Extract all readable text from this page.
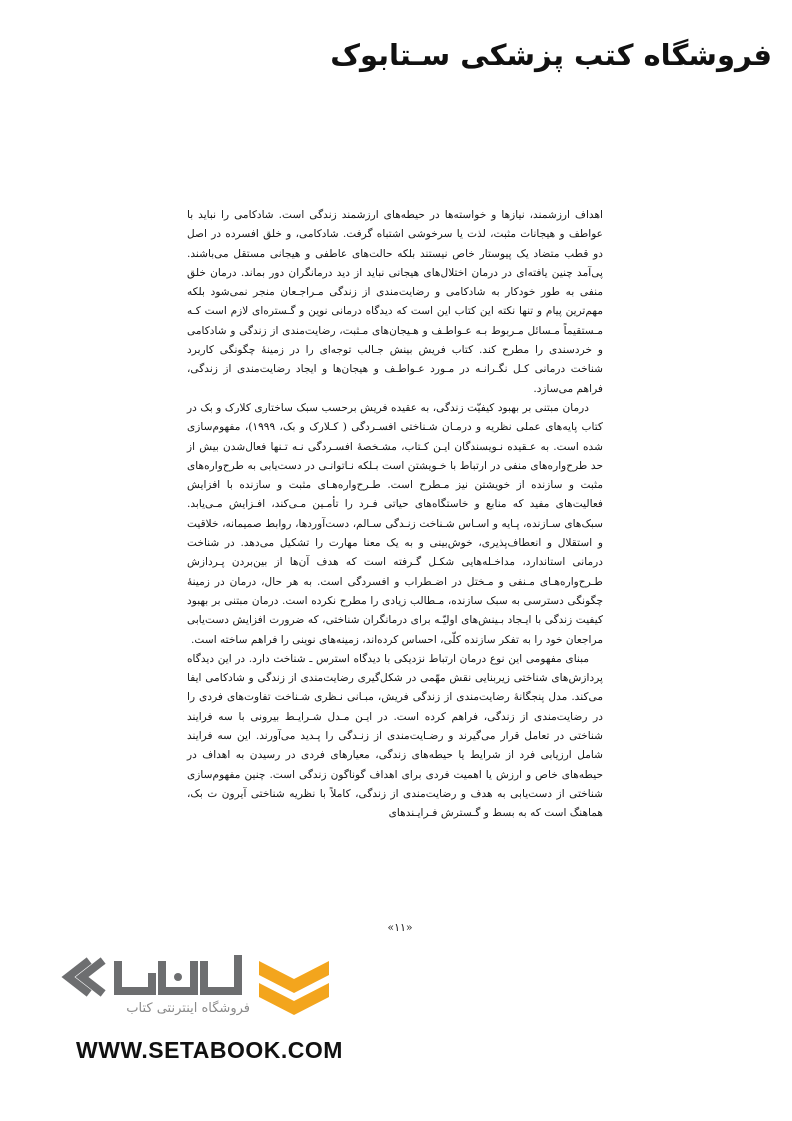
فروشگاه کتب پزشکی سـتابوک

اهداف ارزشمند، نیازها و خواسته‌ها در حیطه‌های ارزشمند زندگی است. شادکامی را نباید با عواطف و هیجانات مثبت، لذت یا سرخوشی اشتباه گرفت. شادکامی، و خلق افسرده در اصل دو قطب متضاد یک پیوستار خاص نیستند بلکه حالت‌های عاطفی و هیجانی مستقل می‌باشند. پی‌آمد چنین یافته‌ای در درمان اختلال‌های هیجانی نباید از دید درمانگران دور بماند. درمان خلق منفی به طور خودکار به شادکامی و رضایت‌مندی از زندگی مـراجـعان منجر نمی‌شود بلکه مهم‌ترین پیام و تنها نکته این کتاب این است که دیدگاه درمانی نوین و گـستره‌ای لازم است کـه مـستقیماً مـسائل مـربوط بـه عـواطـف و هـیجان‌های مـثبت، رضایت‌مندی از زندگی و شادکامی و خردسندی را مطرح کند. کتاب فریش بینش جـالب توجه‌ای را در زمینهٔ چگونگی کاربرد شناخت درمانی کـل نگـرانـه در مـورد عـواطـف و هیجان‌ها و ایجاد رضایت‌مندی از زندگی، فراهم می‌سازد.

درمان مبتنی بر بهبود کیفیّت زندگی، به عقیده فریش برحسب سبک ساختاری کلارک و بک در کتاب پایه‌های عملی نظریه و درمـان شـناختی افسـردگی ( کـلارک و بک، ۱۹۹۹)، مفهوم‌سازی شده است. به عـقیده نـویسندگان ایـن کـتاب، مشـخصهٔ افسـردگی نـه تـنها فعال‌شدن بیش از حد طرح‌واره‌های منفی در ارتباط با خـویشتن است بـلکه نـاتوانـی در دست‌یابی به طرح‌واره‌های مثبت و سازنده از خویشتن نیز مـطرح است. طـرح‌واره‌هـای مثبت و سازنده با افزایش فعالیت‌های مفید که منابع و خاستگاه‌های حیاتی فـرد را تأمـین مـی‌کند، افـزایش مـی‌یابد. سبک‌های سـازنده، پـایه و اسـاس شـناخت زنـدگی سـالم، دست‌آوردها، روابط صمیمانه، خلاقیت و استقلال و انعطاف‌پذیری، خوش‌بینی و به یک معنا مهارت را تشکیل می‌دهد. در شناخت درمانی استاندارد، مداخـله‌هایی شکـل گـرفته است که هدف آن‌ها از بین‌بردن پـردازش طـرح‌واره‌هـای مـنفی و مـختل در اضـطراب و افسردگی است. به هر حال، درمان در زمینهٔ چگونگی دسترسی به سبک سازنده، مـطالب زیادی را مطرح نکرده است. درمان مبتنی بر بهبود کیفیت زندگی با ایـجاد بـینش‌های اولیّـه برای درمانگران شناختی، که ضرورت افزایش دست‌یابی مراجعان خود را به تفکر سازنده کلّی، احساس کرده‌اند، زمینه‌های نوینی را فراهم ساخته است.

مبنای مفهومی این نوع درمان ارتباط نزدیکی با دیدگاه استرس ـ شناخت دارد. در این دیدگاه پردازش‌های شناختی زیربنایی نقش مهّمی در شکل‌گیری رضایت‌مندی از زندگی و شادکامی ایفا می‌کند. مدل پنجگانهٔ رضایت‌مندی از زندگی فریش، مبـانی نـظری شـناخت تفاوت‌های فردی را در رضایت‌مندی از زندگی، فراهم کرده است. در ایـن مـدل شـرایـط بیرونی با سه فرایند شناختی در تعامل قرار می‌گیرند و رضـایت‌مندی از زنـدگی را پـدید می‌آورند. این سه فرایند شامل ارزیابی فرد از شرایط یا حیطه‌های زندگی، معیارهای فردی در رسیدن به اهداف در حیطه‌های خاص و ارزش یا اهمیت فردی برای اهداف گوناگون زندگی است. چنین مفهوم‌سازی شناختی از دست‌یابی به هدف و رضایت‌مندی از زندگی، کاملاً با نظریه شناختی آیرون ت بک، هماهنگ است که به بسط و گـسترش فـرایـندهای

«۱۱»
فروشگاه اینترنتی کتاب
WWW.SETABOOK.COM
